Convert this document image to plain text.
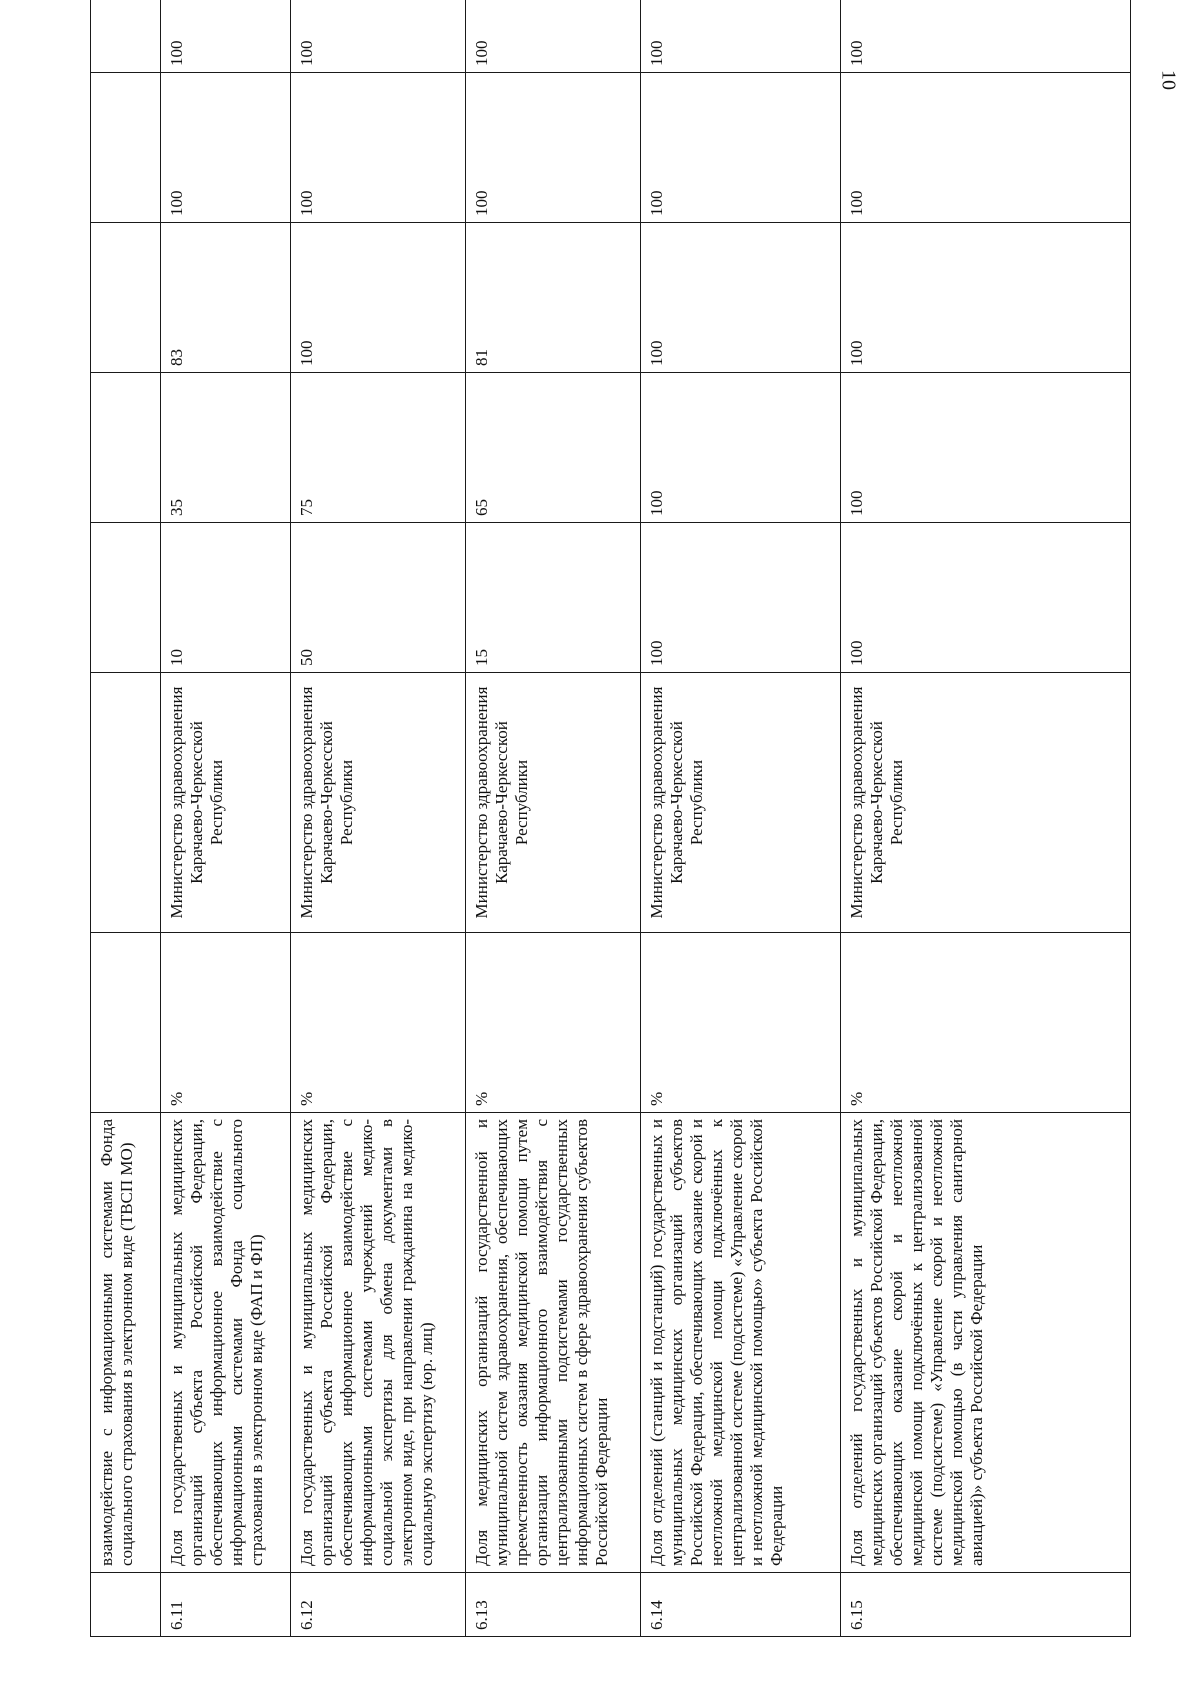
10
	взаимодействие с информационными системами Фонда социального страхования в электронном виде (ТВСП МО)									
6.11	Доля государственных и муниципальных медицинских организаций субъекта Российской Федерации, обеспечивающих информационное взаимодействие с информационными системами Фонда социального страхования в электронном виде (ФАП и ФП)	%	Министерство здравоохранения Карачаево-Черкесской Республики	10	35	83	100	100		
6.12	Доля государственных и муниципальных медицинских организаций субъекта Российской Федерации, обеспечивающих информационное взаимодействие с информационными системами учреждений медико-социальной экспертизы для обмена документами в электронном виде, при направлении гражданина на медико-социальную экспертизу (юр. лиц)	%	Министерство здравоохранения Карачаево-Черкесской Республики	50	75	100	100	100		
6.13	Доля медицинских организаций государственной и муниципальной систем здравоохранения, обеспечивающих преемственность оказания медицинской помощи путем организации информационного взаимодействия с централизованными подсистемами государственных информационных систем в сфере здравоохранения субъектов Российской Федерации	%	Министерство здравоохранения Карачаево-Черкесской Республики	15	65	81	100	100		
6.14	Доля отделений (станций и подстанций) государственных и муниципальных медицинских организаций субъектов Российской Федерации, обеспечивающих оказание скорой и неотложной медицинской помощи подключённых к централизованной системе (подсистеме) «Управление скорой и неотложной медицинской помощью» субъекта Российской Федерации	%	Министерство здравоохранения Карачаево-Черкесской Республики	100	100	100	100	100		
6.15	Доля отделений государственных и муниципальных медицинских организаций субъектов Российской Федерации, обеспечивающих оказание скорой и неотложной медицинской помощи подключённых к централизованной системе (подсистеме) «Управление скорой и неотложной медицинской помощью (в части управления санитарной авиацией)» субъекта Российской Федерации	%	Министерство здравоохранения Карачаево-Черкесской Республики	100	100	100	100	100		
